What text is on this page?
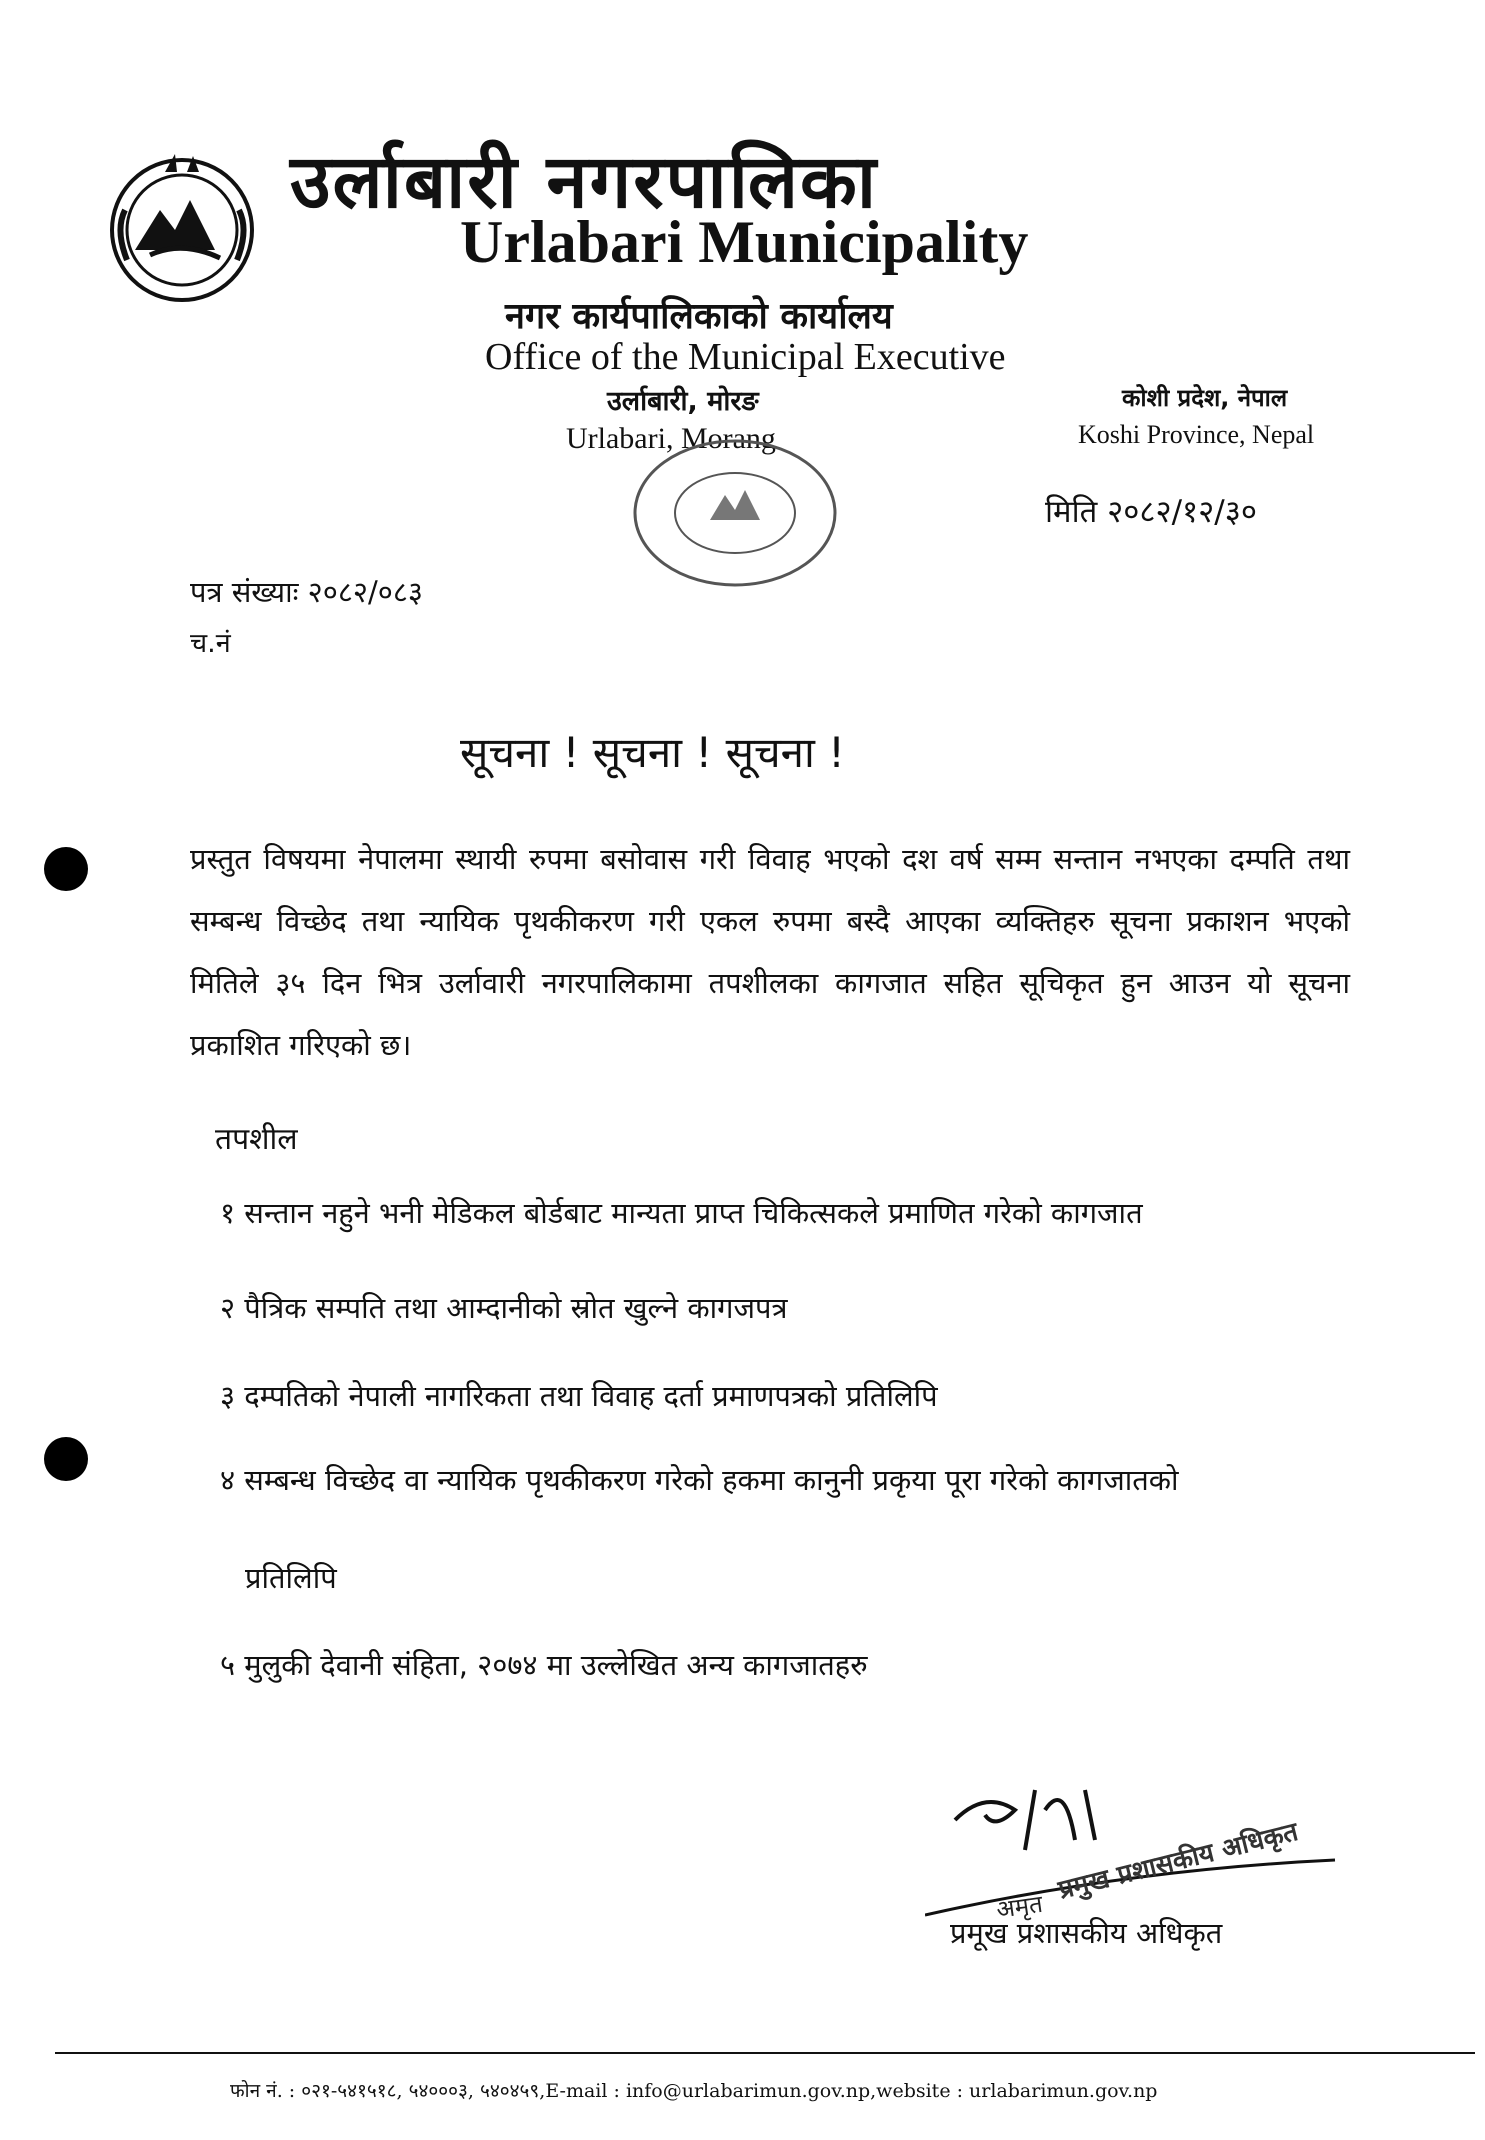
उर्लाबारी नगरपालिका
Urlabari Municipality
नगर कार्यपालिकाको कार्यालय
Office of the Municipal Executive
उर्लाबारी, मोरङ
Urlabari, Morang
कोशी प्रदेश, नेपाल
Koshi Province, Nepal
मिति २०८२/१२/३०
पत्र संख्याः २०८२/०८३
च.नं
सूचना ! सूचना ! सूचना !
प्रस्तुत विषयमा नेपालमा स्थायी रुपमा बसोवास गरी विवाह भएको दश वर्ष सम्म सन्तान नभएका दम्पति तथा सम्बन्ध विच्छेद तथा न्यायिक पृथकीकरण गरी एकल रुपमा बस्दै आएका व्यक्तिहरु सूचना प्रकाशन भएको मितिले ३५ दिन भित्र उर्लावारी नगरपालिकामा तपशीलका कागजात सहित सूचिकृत हुन आउन यो सूचना प्रकाशित गरिएको छ।
तपशील
१ सन्तान नहुने भनी मेडिकल बोर्डबाट मान्यता प्राप्त चिकित्सकले प्रमाणित गरेको कागजात
२ पैत्रिक सम्पति तथा आम्दानीको स्रोत खुल्ने कागजपत्र
३ दम्पतिको नेपाली नागरिकता तथा विवाह दर्ता प्रमाणपत्रको प्रतिलिपि
४ सम्बन्ध विच्छेद वा न्यायिक पृथकीकरण गरेको हकमा कानुनी प्रकृया पूरा गरेको कागजातको
प्रतिलिपि
५ मुलुकी देवानी संहिता, २०७४ मा उल्लेखित अन्य कागजातहरु
अमृत
प्रमुख प्रशासकीय अधिकृत
प्रमूख प्रशासकीय अधिकृत
फोन नं. : ०२१-५४१५१८, ५४०००३, ५४०४५९,E-mail : info@urlabarimun.gov.np,website : urlabarimun.gov.np
